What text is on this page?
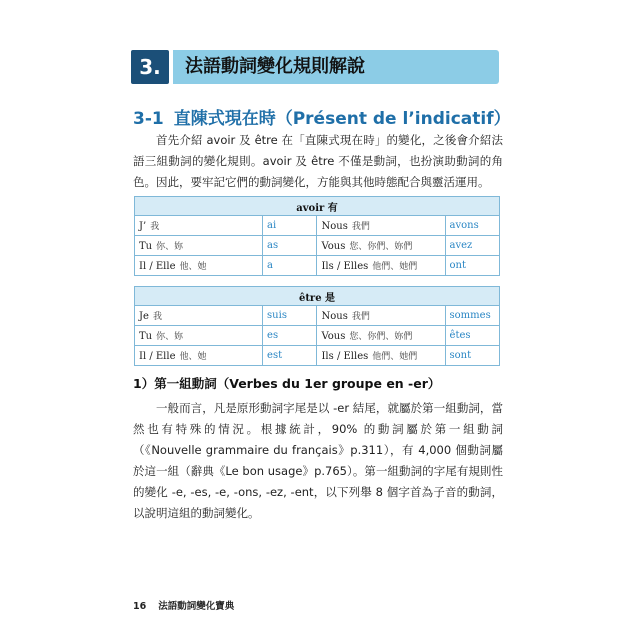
3.	法語動詞變化規則解說
3-1 直陳式現在時（Présent de l’indicatif）

首先介紹 avoir 及 être 在「直陳式現在時」的變化，之後會介紹法語三組動詞的變化規則。avoir 及 être 不僅是動詞，也扮演助動詞的角色。因此，要牢記它們的動詞變化，方能與其他時態配合與靈活運用。

avoir 有			
J’ 我	ai	Nous 我們	avons
Tu 你、妳	as	Vous 您、你們、妳們	avez
Il / Elle 他、她	a	Ils / Elles 他們、她們	ont
être 是			
Je 我	suis	Nous 我們	sommes
Tu 你、妳	es	Vous 您、你們、妳們	êtes
Il / Elle 他、她	est	Ils / Elles 他們、她們	sont
1）第一組動詞（Verbes du 1er groupe en -er）

一般而言，凡是原形動詞字尾是以 -er 結尾，就屬於第一組動詞，當然也有特殊的情況。根據統計，90% 的動詞屬於第一組動詞（《Nouvelle grammaire du français》p.311），有 4,000 個動詞屬於這一組（辭典《Le bon usage》p.765）。第一組動詞的字尾有規則性的變化 -e, -es, -e, -ons, -ez, -ent，以下列舉 8 個字首為子音的動詞，以說明這組的動詞變化。

16 法語動詞變化寶典
